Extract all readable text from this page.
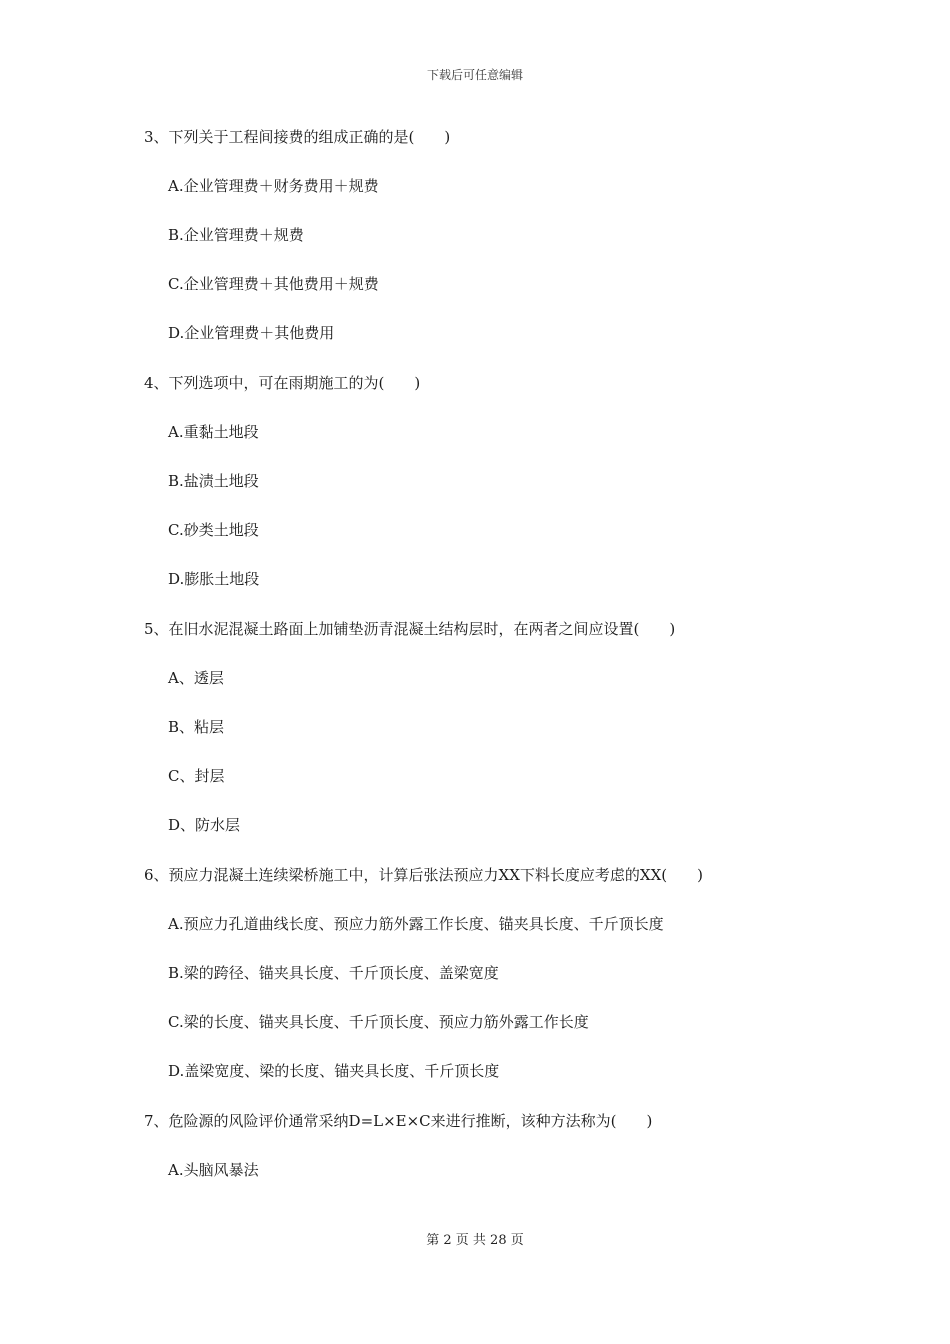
下载后可任意编辑
3、下列关于工程间接费的组成正确的是(　　)
A.企业管理费＋财务费用＋规费
B.企业管理费＋规费
C.企业管理费＋其他费用＋规费
D.企业管理费＋其他费用
4、下列选项中，可在雨期施工的为(　　)
A.重黏土地段
B.盐渍土地段
C.砂类土地段
D.膨胀土地段
5、在旧水泥混凝土路面上加铺垫沥青混凝土结构层时，在两者之间应设置(　　)
A、透层
B、粘层
C、封层
D、防水层
6、预应力混凝土连续梁桥施工中，计算后张法预应力XX下料长度应考虑的XX(　　)
A.预应力孔道曲线长度、预应力筋外露工作长度、锚夹具长度、千斤顶长度
B.梁的跨径、锚夹具长度、千斤顶长度、盖梁宽度
C.梁的长度、锚夹具长度、千斤顶长度、预应力筋外露工作长度
D.盖梁宽度、梁的长度、锚夹具长度、千斤顶长度
7、危险源的风险评价通常采纳D=L×E×C来进行推断，该种方法称为(　　)
A.头脑风暴法
第 2 页 共 28 页
